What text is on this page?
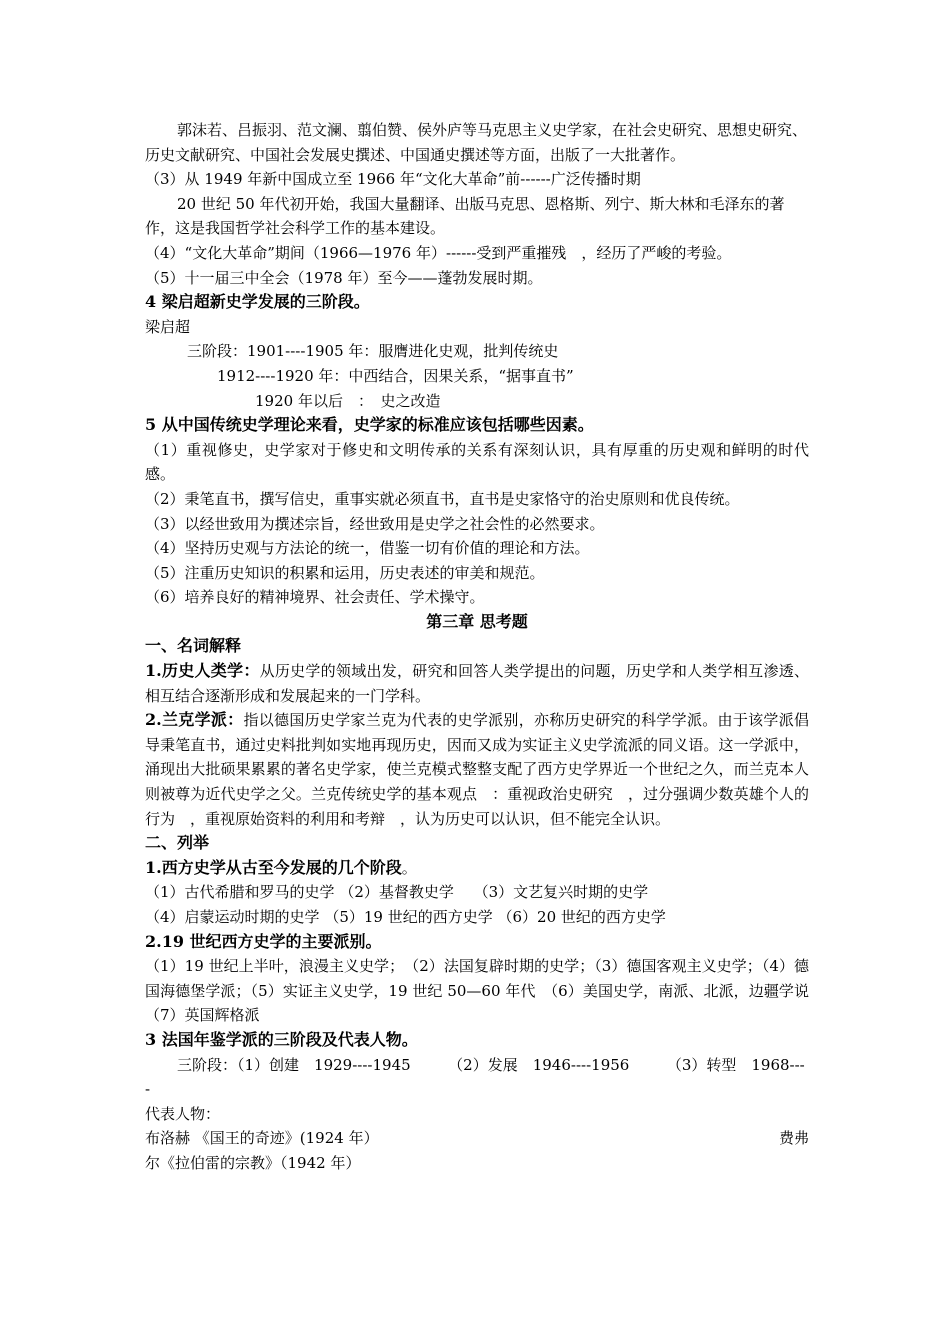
郭沫若、吕振羽、范文澜、翦伯赞、侯外庐等马克思主义史学家，在社会史研究、思想史研究、历史文献研究、中国社会发展史撰述、中国通史撰述等方面，出版了一大批著作。

（3）从 1949 年新中国成立至 1966 年“文化大革命”前------广泛传播时期

20 世纪 50 年代初开始，我国大量翻译、出版马克思、恩格斯、列宁、斯大林和毛泽东的著作，这是我国哲学社会科学工作的基本建设。

（4）“文化大革命”期间（1966—1976 年）------受到严重摧残　，经历了严峻的考验。

（5）十一届三中全会（1978 年）至今——蓬勃发展时期。

4 梁启超新史学发展的三阶段。

梁启超

三阶段：1901----1905 年：服膺进化史观，批判传统史

1912----1920 年：中西结合，因果关系，“据事直书”

1920 年以后　：　史之改造

5 从中国传统史学理论来看，史学家的标准应该包括哪些因素。

（1）重视修史，史学家对于修史和文明传承的关系有深刻认识，具有厚重的历史观和鲜明的时代感。

（2）秉笔直书，撰写信史，重事实就必须直书，直书是史家恪守的治史原则和优良传统。

（3）以经世致用为撰述宗旨，经世致用是史学之社会性的必然要求。

（4）坚持历史观与方法论的统一，借鉴一切有价值的理论和方法。

（5）注重历史知识的积累和运用，历史表述的审美和规范。

（6）培养良好的精神境界、社会责任、学术操守。

第三章 思考题

一、名词解释

1.历史人类学：从历史学的领域出发，研究和回答人类学提出的问题，历史学和人类学相互渗透、相互结合逐渐形成和发展起来的一门学科。

2.兰克学派：指以德国历史学家兰克为代表的史学派别，亦称历史研究的科学学派。由于该学派倡导秉笔直书，通过史料批判如实地再现历史，因而又成为实证主义史学流派的同义语。这一学派中，涌现出大批硕果累累的著名史学家，使兰克模式整整支配了西方史学界近一个世纪之久，而兰克本人则被尊为近代史学之父。兰克传统史学的基本观点　：重视政治史研究　，过分强调少数英雄个人的行为　，重视原始资料的利用和考辩　，认为历史可以认识，但不能完全认识。

二、列举

1.西方史学从古至今发展的几个阶段。

（1）古代希腊和罗马的史学 （2）基督教史学　 （3）文艺复兴时期的史学

（4）启蒙运动时期的史学 （5）19 世纪的西方史学 （6）20 世纪的西方史学

2.19 世纪西方史学的主要派别。

（1）19 世纪上半叶，浪漫主义史学；　（2）法国复辟时期的史学；（3）德国客观主义史学；（4）德国海德堡学派；（5）实证主义史学，19 世纪 50—60 年代　（6）美国史学，南派、北派，边疆学说　（7）英国辉格派

3 法国年鉴学派的三阶段及代表人物。

三阶段：（1）创建　1929----1945　　　（2）发展　1946----1956　　　（3）转型　1968----

代表人物：

布洛赫 《国王的奇迹》(1924 年）	费弗

尔《拉伯雷的宗教》（1942 年）
